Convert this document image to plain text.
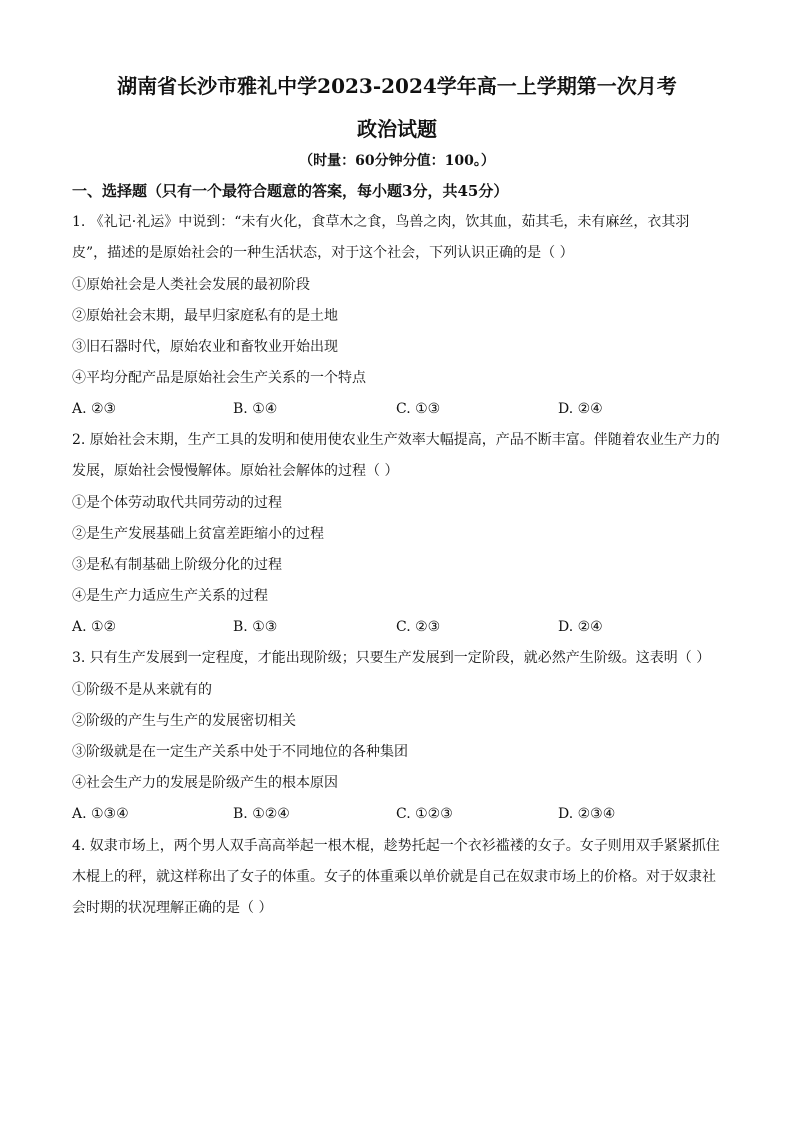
湖南省长沙市雅礼中学2023-2024学年高一上学期第一次月考
政治试题
（时量：60分钟分值：100。）
一、选择题（只有一个最符合题意的答案，每小题3分，共45分）
1. 《礼记·礼运》中说到：“未有火化，食草木之食，鸟兽之肉，饮其血，茹其毛，未有麻丝，衣其羽
皮”，描述的是原始社会的一种生活状态，对于这个社会，下列认识正确的是（ ）
①原始社会是人类社会发展的最初阶段
②原始社会末期，最早归家庭私有的是土地
③旧石器时代，原始农业和畜牧业开始出现
④平均分配产品是原始社会生产关系的一个特点
A. ②③	B. ①④	C. ①③	D. ②④
2. 原始社会末期，生产工具的发明和使用使农业生产效率大幅提高，产品不断丰富。伴随着农业生产力的
发展，原始社会慢慢解体。原始社会解体的过程（ ）
①是个体劳动取代共同劳动的过程
②是生产发展基础上贫富差距缩小的过程
③是私有制基础上阶级分化的过程
④是生产力适应生产关系的过程
A. ①②	B. ①③	C. ②③	D. ②④
3. 只有生产发展到一定程度，才能出现阶级；只要生产发展到一定阶段，就必然产生阶级。这表明（ ）
①阶级不是从来就有的
②阶级的产生与生产的发展密切相关
③阶级就是在一定生产关系中处于不同地位的各种集团
④社会生产力的发展是阶级产生的根本原因
A. ①③④	B. ①②④	C. ①②③	D. ②③④
4. 奴隶市场上，两个男人双手高高举起一根木棍，趁势托起一个衣衫褴褛的女子。女子则用双手紧紧抓住
木棍上的秤，就这样称出了女子的体重。女子的体重乘以单价就是自己在奴隶市场上的价格。对于奴隶社
会时期的状况理解正确的是（ ）
